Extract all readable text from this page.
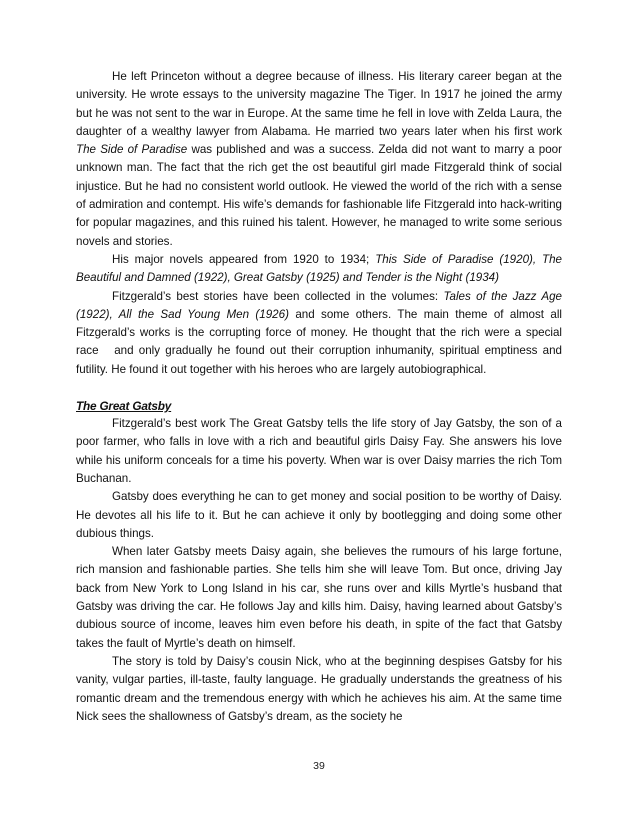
He left Princeton without a degree because of illness. His literary career began at the university. He wrote essays to the university magazine The Tiger. In 1917 he joined the army but he was not sent to the war in Europe. At the same time he fell in love with Zelda Laura, the daughter of a wealthy lawyer from Alabama. He married two years later when his first work The Side of Paradise was published and was a success. Zelda did not want to marry a poor unknown man. The fact that the rich get the ost beautiful girl made Fitzgerald think of social injustice. But he had no consistent world outlook. He viewed the world of the rich with a sense of admiration and contempt. His wife’s demands for fashionable life Fitzgerald into hack-writing for popular magazines, and this ruined his talent. However, he managed to write some serious novels and stories.

His major novels appeared from 1920 to 1934; This Side of Paradise (1920), The Beautiful and Damned (1922), Great Gatsby (1925) and Tender is the Night (1934)

Fitzgerald’s best stories have been collected in the volumes: Tales of the Jazz Age (1922), All the Sad Young Men (1926) and some others. The main theme of almost all Fitzgerald’s works is the corrupting force of money. He thought that the rich were a special race   and only gradually he found out their corruption inhumanity, spiritual emptiness and futility. He found it out together with his heroes who are largely autobiographical.

The Great Gatsby

Fitzgerald’s best work The Great Gatsby tells the life story of Jay Gatsby, the son of a poor farmer, who falls in love with a rich and beautiful girls Daisy Fay. She answers his love while his uniform conceals for a time his poverty. When war is over Daisy marries the rich Tom Buchanan.

Gatsby does everything he can to get money and social position to be worthy of Daisy. He devotes all his life to it. But he can achieve it only by bootlegging and doing some other dubious things.

When later Gatsby meets Daisy again, she believes the rumours of his large fortune, rich mansion and fashionable parties. She tells him she will leave Tom. But once, driving Jay back from New York to Long Island in his car, she runs over and kills Myrtle’s husband that Gatsby was driving the car. He follows Jay and kills him. Daisy, having learned about Gatsby’s dubious source of income, leaves him even before his death, in spite of the fact that Gatsby takes the fault of Myrtle’s death on himself.

The story is told by Daisy’s cousin Nick, who at the beginning despises Gatsby for his vanity, vulgar parties, ill-taste, faulty language. He gradually understands the greatness of his romantic dream and the tremendous energy with which he achieves his aim. At the same time Nick sees the shallowness of Gatsby’s dream, as the society he

39
